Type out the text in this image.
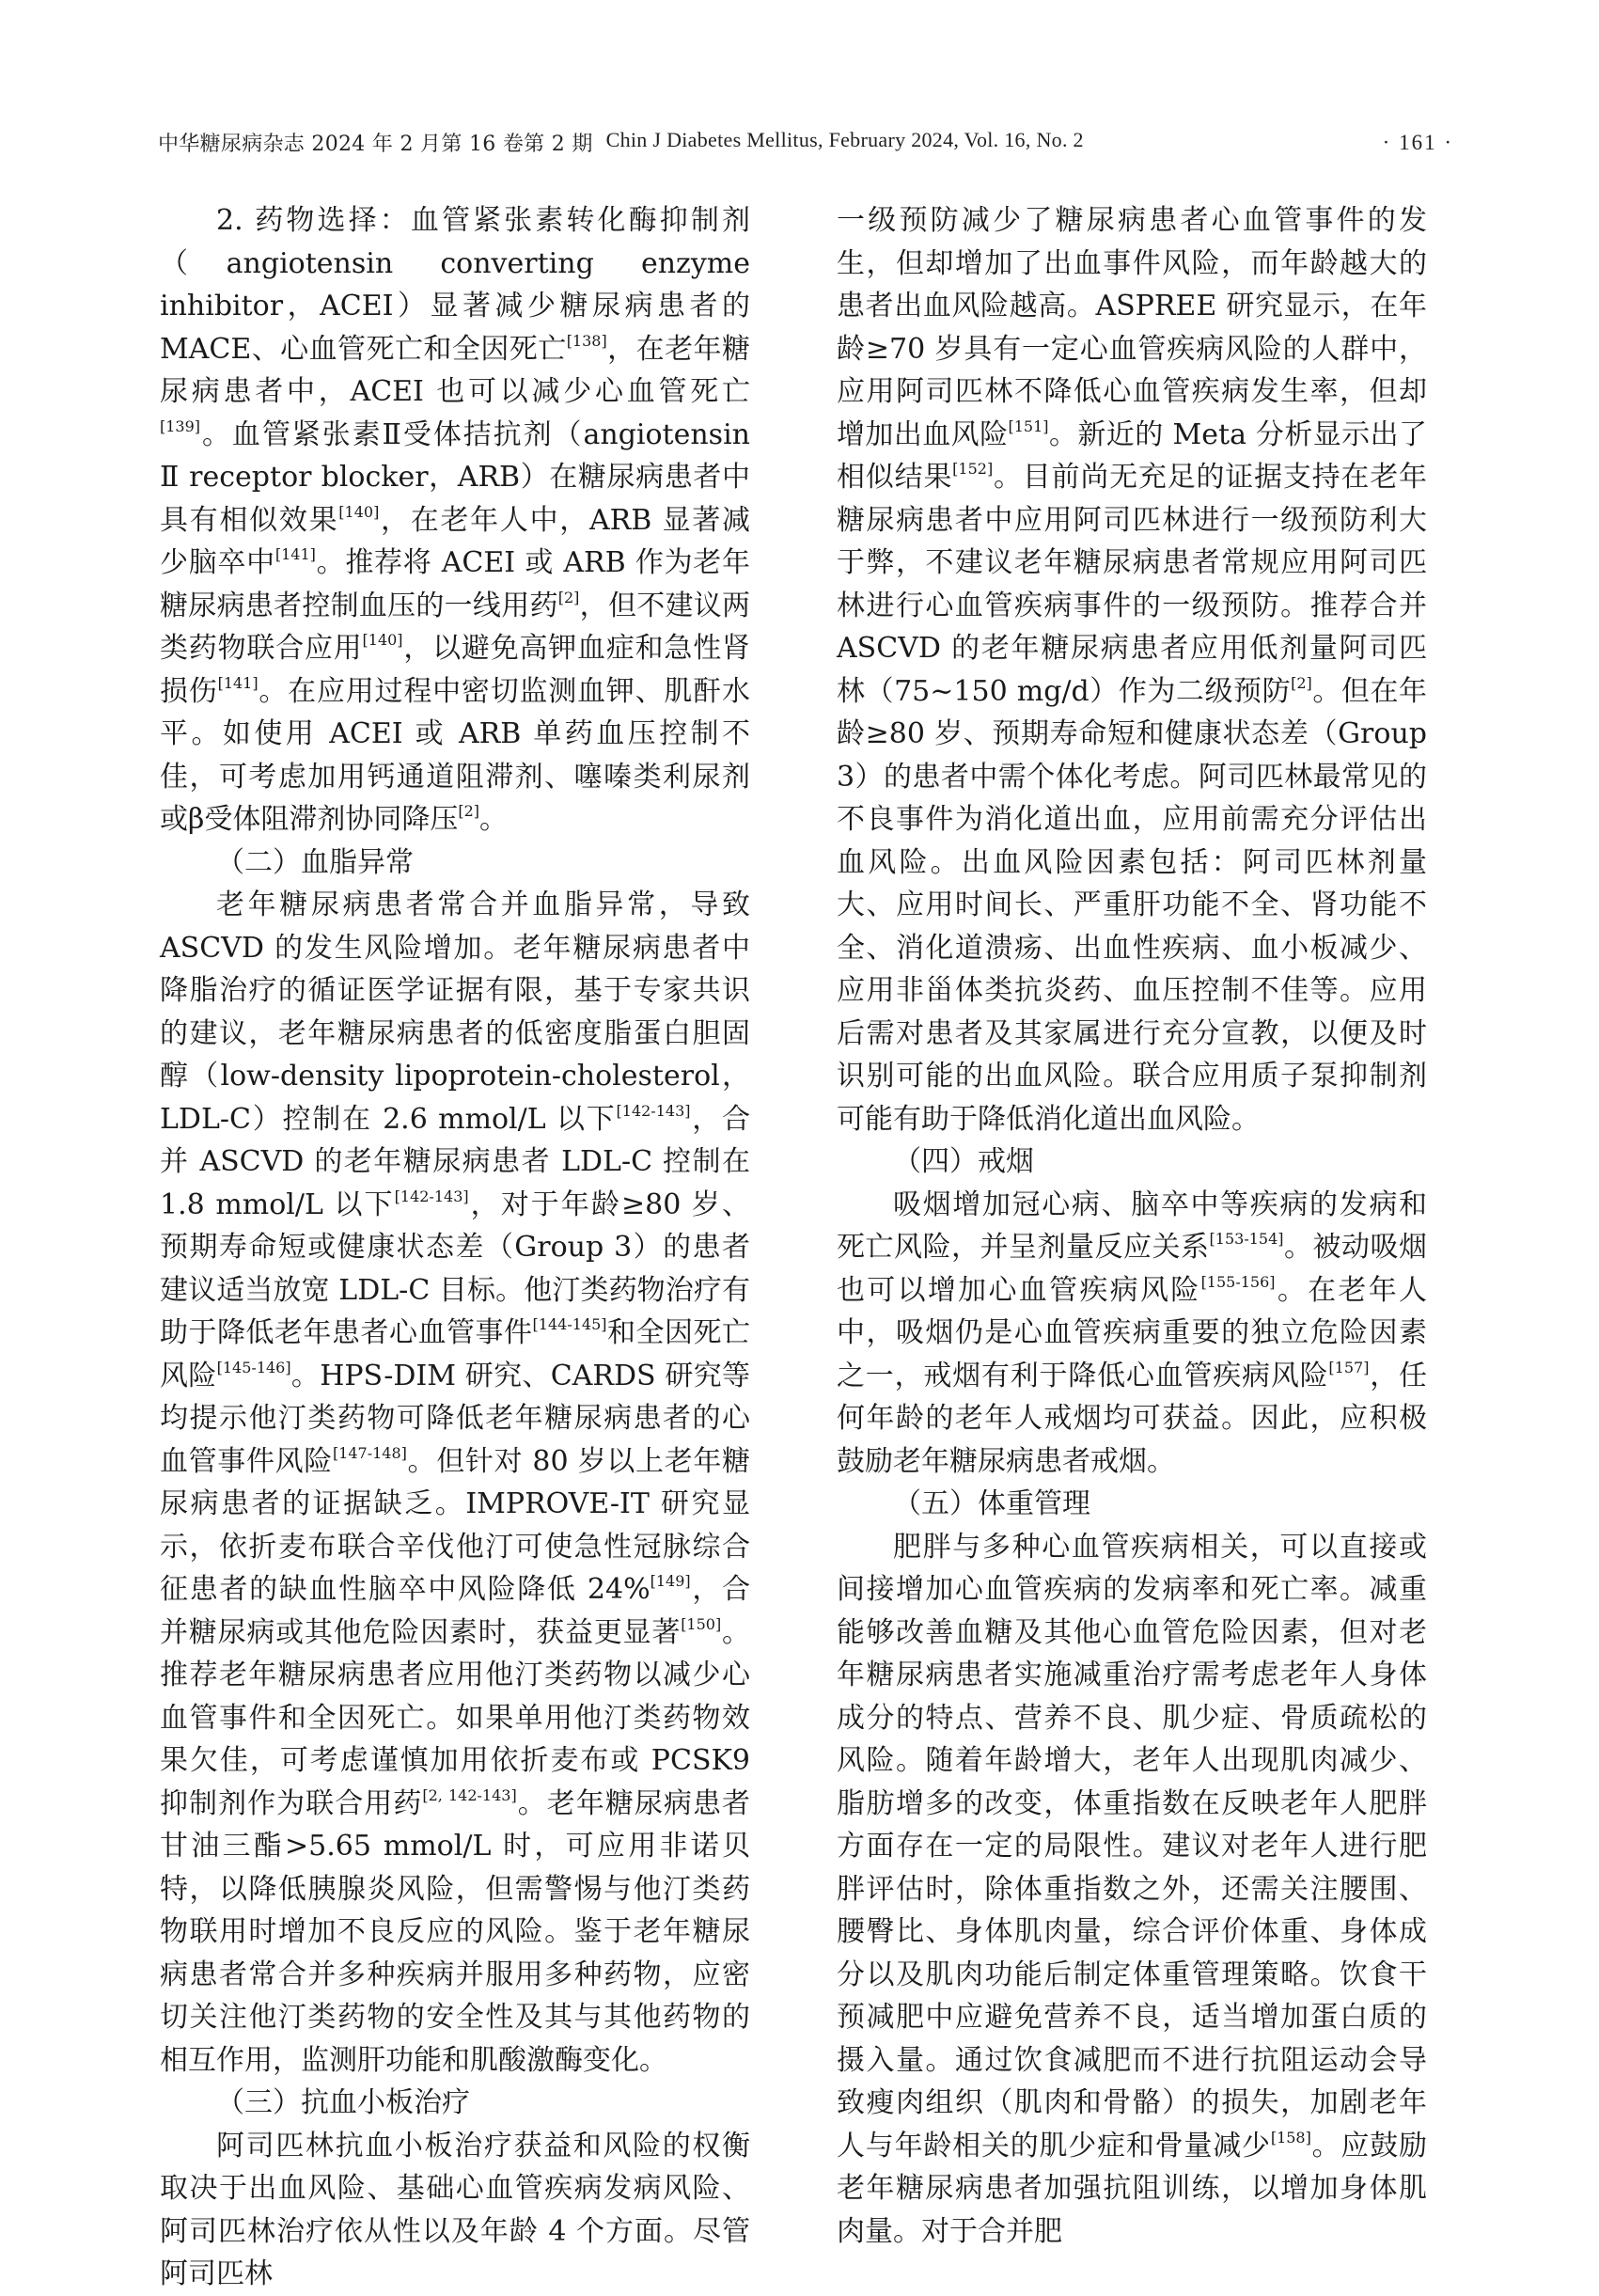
中华糖尿病杂志 2024 年 2 月第 16 卷第 2 期 Chin J Diabetes Mellitus, February 2024, Vol. 16, No. 2	· 161 ·

2. 药物选择：血管紧张素转化酶抑制剂（angiotensin converting enzyme inhibitor，ACEI）显著减少糖尿病患者的 MACE、心血管死亡和全因死亡[138]，在老年糖尿病患者中，ACEI 也可以减少心血管死亡[139]。血管紧张素Ⅱ受体拮抗剂（angiotensin Ⅱ receptor blocker，ARB）在糖尿病患者中具有相似效果[140]，在老年人中，ARB 显著减少脑卒中[141]。推荐将 ACEI 或 ARB 作为老年糖尿病患者控制血压的一线用药[2]，但不建议两类药物联合应用[140]，以避免高钾血症和急性肾损伤[141]。在应用过程中密切监测血钾、肌酐水平。如使用 ACEI 或 ARB 单药血压控制不佳，可考虑加用钙通道阻滞剂、噻嗪类利尿剂或β受体阻滞剂协同降压[2]。

（二）血脂异常

老年糖尿病患者常合并血脂异常，导致 ASCVD 的发生风险增加。老年糖尿病患者中降脂治疗的循证医学证据有限，基于专家共识的建议，老年糖尿病患者的低密度脂蛋白胆固醇（low-density lipoprotein-cholesterol，LDL-C）控制在 2.6 mmol/L 以下[142-143]，合并 ASCVD 的老年糖尿病患者 LDL-C 控制在 1.8 mmol/L 以下[142-143]，对于年龄≥80 岁、预期寿命短或健康状态差（Group 3）的患者建议适当放宽 LDL-C 目标。他汀类药物治疗有助于降低老年患者心血管事件[144-145]和全因死亡风险[145-146]。HPS-DIM 研究、CARDS 研究等均提示他汀类药物可降低老年糖尿病患者的心血管事件风险[147-148]。但针对 80 岁以上老年糖尿病患者的证据缺乏。IMPROVE-IT 研究显示，依折麦布联合辛伐他汀可使急性冠脉综合征患者的缺血性脑卒中风险降低 24%[149]，合并糖尿病或其他危险因素时，获益更显著[150]。推荐老年糖尿病患者应用他汀类药物以减少心血管事件和全因死亡。如果单用他汀类药物效果欠佳，可考虑谨慎加用依折麦布或 PCSK9 抑制剂作为联合用药[2, 142-143]。老年糖尿病患者甘油三酯>5.65 mmol/L 时，可应用非诺贝特，以降低胰腺炎风险，但需警惕与他汀类药物联用时增加不良反应的风险。鉴于老年糖尿病患者常合并多种疾病并服用多种药物，应密切关注他汀类药物的安全性及其与其他药物的相互作用，监测肝功能和肌酸激酶变化。

（三）抗血小板治疗

阿司匹林抗血小板治疗获益和风险的权衡取决于出血风险、基础心血管疾病发病风险、阿司匹林治疗依从性以及年龄 4 个方面。尽管阿司匹林

一级预防减少了糖尿病患者心血管事件的发生，但却增加了出血事件风险，而年龄越大的患者出血风险越高。ASPREE 研究显示，在年龄≥70 岁具有一定心血管疾病风险的人群中，应用阿司匹林不降低心血管疾病发生率，但却增加出血风险[151]。新近的 Meta 分析显示出了相似结果[152]。目前尚无充足的证据支持在老年糖尿病患者中应用阿司匹林进行一级预防利大于弊，不建议老年糖尿病患者常规应用阿司匹林进行心血管疾病事件的一级预防。推荐合并 ASCVD 的老年糖尿病患者应用低剂量阿司匹林（75~150 mg/d）作为二级预防[2]。但在年龄≥80 岁、预期寿命短和健康状态差（Group 3）的患者中需个体化考虑。阿司匹林最常见的不良事件为消化道出血，应用前需充分评估出血风险。出血风险因素包括：阿司匹林剂量大、应用时间长、严重肝功能不全、肾功能不全、消化道溃疡、出血性疾病、血小板减少、应用非甾体类抗炎药、血压控制不佳等。应用后需对患者及其家属进行充分宣教，以便及时识别可能的出血风险。联合应用质子泵抑制剂可能有助于降低消化道出血风险。

（四）戒烟

吸烟增加冠心病、脑卒中等疾病的发病和死亡风险，并呈剂量反应关系[153-154]。被动吸烟也可以增加心血管疾病风险[155-156]。在老年人中，吸烟仍是心血管疾病重要的独立危险因素之一，戒烟有利于降低心血管疾病风险[157]，任何年龄的老年人戒烟均可获益。因此，应积极鼓励老年糖尿病患者戒烟。

（五）体重管理

肥胖与多种心血管疾病相关，可以直接或间接增加心血管疾病的发病率和死亡率。减重能够改善血糖及其他心血管危险因素，但对老年糖尿病患者实施减重治疗需考虑老年人身体成分的特点、营养不良、肌少症、骨质疏松的风险。随着年龄增大，老年人出现肌肉减少、脂肪增多的改变，体重指数在反映老年人肥胖方面存在一定的局限性。建议对老年人进行肥胖评估时，除体重指数之外，还需关注腰围、腰臀比、身体肌肉量，综合评价体重、身体成分以及肌肉功能后制定体重管理策略。饮食干预减肥中应避免营养不良，适当增加蛋白质的摄入量。通过饮食减肥而不进行抗阻运动会导致瘦肉组织（肌肉和骨骼）的损失，加剧老年人与年龄相关的肌少症和骨量减少[158]。应鼓励老年糖尿病患者加强抗阻训练，以增加身体肌肉量。对于合并肥
